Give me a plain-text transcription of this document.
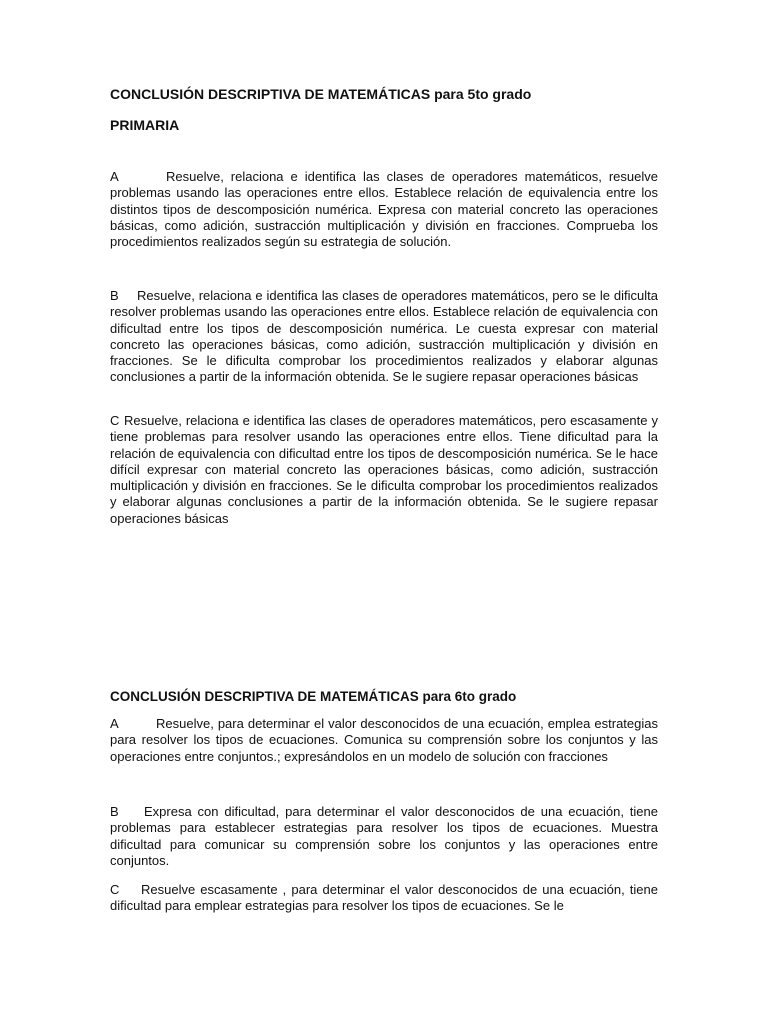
CONCLUSIÓN DESCRIPTIVA DE MATEMÁTICAS para 5to grado
PRIMARIA

A	Resuelve, relaciona e identifica las clases de operadores matemáticos, resuelve problemas usando las operaciones entre ellos. Establece relación de equivalencia entre los distintos tipos de descomposición numérica. Expresa con material concreto las operaciones básicas, como adición, sustracción multiplicación y división en fracciones. Comprueba los procedimientos realizados según su estrategia de solución.

B Resuelve, relaciona e identifica las clases de operadores matemáticos, pero se le dificulta resolver problemas usando las operaciones entre ellos. Establece relación de equivalencia con dificultad entre los tipos de descomposición numérica. Le cuesta expresar con material concreto las operaciones básicas, como adición, sustracción multiplicación y división en fracciones. Se le dificulta comprobar los procedimientos realizados y elaborar algunas conclusiones a partir de la información obtenida. Se le sugiere repasar operaciones básicas

C Resuelve, relaciona e identifica las clases de operadores matemáticos, pero escasamente y tiene problemas para resolver usando las operaciones entre ellos. Tiene dificultad para la relación de equivalencia con dificultad entre los tipos de descomposición numérica. Se le hace difícil expresar con material concreto las operaciones básicas, como adición, sustracción multiplicación y división en fracciones. Se le dificulta comprobar los procedimientos realizados y elaborar algunas conclusiones a partir de la información obtenida. Se le sugiere repasar operaciones básicas

CONCLUSIÓN DESCRIPTIVA DE MATEMÁTICAS para 6to grado

A	Resuelve, para determinar el valor desconocidos de una ecuación, emplea estrategias para resolver los tipos de ecuaciones. Comunica su comprensión sobre los conjuntos y las operaciones entre conjuntos.; expresándolos en un modelo de solución con fracciones

B Expresa con dificultad, para determinar el valor desconocidos de una ecuación, tiene problemas para establecer estrategias para resolver los tipos de ecuaciones. Muestra dificultad para comunicar su comprensión sobre los conjuntos y las operaciones entre conjuntos.

C Resuelve escasamente , para determinar el valor desconocidos de una ecuación, tiene dificultad para emplear estrategias para resolver los tipos de ecuaciones. Se le
